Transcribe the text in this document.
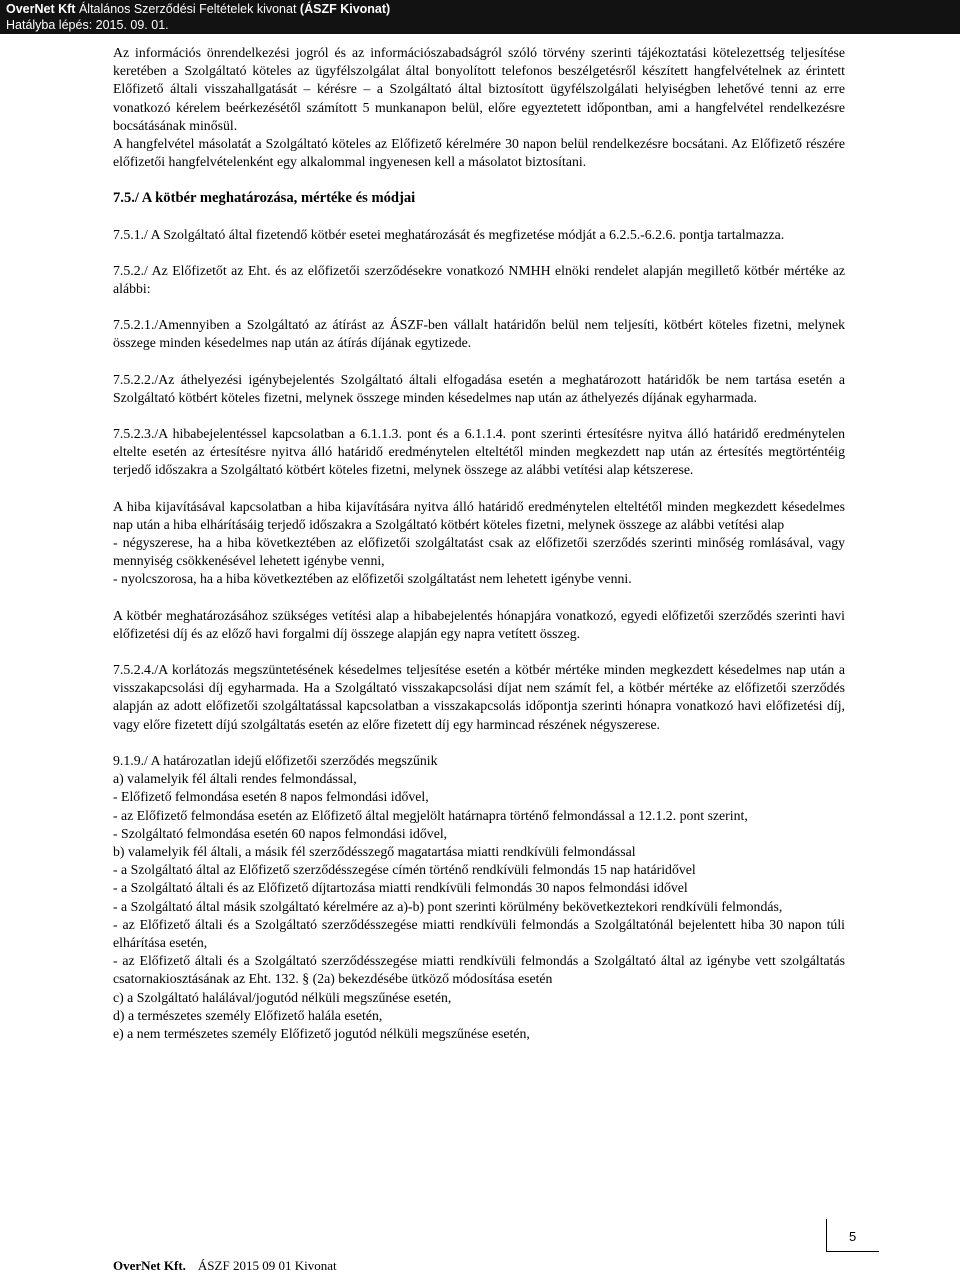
OverNet Kft Általános Szerződési Feltételek kivonat (ÁSZF Kivonat)
Hatályba lépés: 2015. 09. 01.

Az információs önrendelkezési jogról és az információszabadságról szóló törvény szerinti tájékoztatási kötelezettség teljesítése keretében a Szolgáltató köteles az ügyfélszolgálat által bonyolított telefonos beszélgetésről készített hangfelvételnek az érintett Előfizető általi visszahallgatását – kérésre – a Szolgáltató által biztosított ügyfélszolgálati helyiségben lehetővé tenni az erre vonatkozó kérelem beérkezésétől számított 5 munkanapon belül, előre egyeztetett időpontban, ami a hangfelvétel rendelkezésre bocsátásának minősül.

A hangfelvétel másolatát a Szolgáltató köteles az Előfizető kérelmére 30 napon belül rendelkezésre bocsátani. Az Előfizető részére előfizetői hangfelvételenként egy alkalommal ingyenesen kell a másolatot biztosítani.

7.5./ A kötbér meghatározása, mértéke és módjai

7.5.1./ A Szolgáltató által fizetendő kötbér esetei meghatározását és megfizetése módját a 6.2.5.-6.2.6. pontja tartalmazza.

7.5.2./ Az Előfizetőt az Eht. és az előfizetői szerződésekre vonatkozó NMHH elnöki rendelet alapján megillető kötbér mértéke az alábbi:

7.5.2.1./Amennyiben a Szolgáltató az átírást az ÁSZF-ben vállalt határidőn belül nem teljesíti, kötbért köteles fizetni, melynek összege minden késedelmes nap után az átírás díjának egytizede.

7.5.2.2./Az áthelyezési igénybejelentés Szolgáltató általi elfogadása esetén a meghatározott határidők be nem tartása esetén a Szolgáltató kötbért köteles fizetni, melynek összege minden késedelmes nap után az áthelyezés díjának egyharmada.

7.5.2.3./A hibabejelentéssel kapcsolatban a 6.1.1.3. pont és a 6.1.1.4. pont szerinti értesítésre nyitva álló határidő eredménytelen eltelte esetén az értesítésre nyitva álló határidő eredménytelen elteltétől minden megkezdett nap után az értesítés megtörténtéig terjedő időszakra a Szolgáltató kötbért köteles fizetni, melynek összege az alábbi vetítési alap kétszerese.

A hiba kijavításával kapcsolatban a hiba kijavítására nyitva álló határidő eredménytelen elteltétől minden megkezdett késedelmes nap után a hiba elhárításáig terjedő időszakra a Szolgáltató kötbért köteles fizetni, melynek összege az alábbi vetítési alap

- négyszerese, ha a hiba következtében az előfizetői szolgáltatást csak az előfizetői szerződés szerinti minőség romlásával, vagy mennyiség csökkenésével lehetett igénybe venni,

- nyolcszorosa, ha a hiba következtében az előfizetői szolgáltatást nem lehetett igénybe venni.

A kötbér meghatározásához szükséges vetítési alap a hibabejelentés hónapjára vonatkozó, egyedi előfizetői szerződés szerinti havi előfizetési díj és az előző havi forgalmi díj összege alapján egy napra vetített összeg.

7.5.2.4./A korlátozás megszüntetésének késedelmes teljesítése esetén a kötbér mértéke minden megkezdett késedelmes nap után a visszakapcsolási díj egyharmada. Ha a Szolgáltató visszakapcsolási díjat nem számít fel, a kötbér mértéke az előfizetői szerződés alapján az adott előfizetői szolgáltatással kapcsolatban a visszakapcsolás időpontja szerinti hónapra vonatkozó havi előfizetési díj, vagy előre fizetett díjú szolgáltatás esetén az előre fizetett díj egy harmincad részének négyszerese.

9.1.9./ A határozatlan idejű előfizetői szerződés megszűnik

a) valamelyik fél általi rendes felmondással,

- Előfizető felmondása esetén 8 napos felmondási idővel,

- az Előfizető felmondása esetén az Előfizető által megjelölt határnapra történő felmondással a 12.1.2. pont szerint,

- Szolgáltató felmondása esetén 60 napos felmondási idővel,

b) valamelyik fél általi, a másik fél szerződésszegő magatartása miatti rendkívüli felmondással

- a Szolgáltató által az Előfizető szerződésszegése címén történő rendkívüli felmondás 15 nap határidővel

- a Szolgáltató általi és az Előfizető díjtartozása miatti rendkívüli felmondás 30 napos felmondási idővel

- a Szolgáltató által másik szolgáltató kérelmére az a)-b) pont szerinti körülmény bekövetkeztekori rendkívüli felmondás,

- az Előfizető általi és a Szolgáltató szerződésszegése miatti rendkívüli felmondás a Szolgáltatónál bejelentett hiba 30 napon túli elhárítása esetén,

- az Előfizető általi és a Szolgáltató szerződésszegése miatti rendkívüli felmondás a Szolgáltató által az igénybe vett szolgáltatás csatornakiosztásának az Eht. 132. § (2a) bekezdésébe ütköző módosítása esetén

c) a Szolgáltató halálával/jogutód nélküli megszűnése esetén,

d) a természetes személy Előfizető halála esetén,

e) a nem természetes személy Előfizető jogutód nélküli megszűnése esetén,

5
OverNet Kft. ÁSZF 2015 09 01 Kivonat
